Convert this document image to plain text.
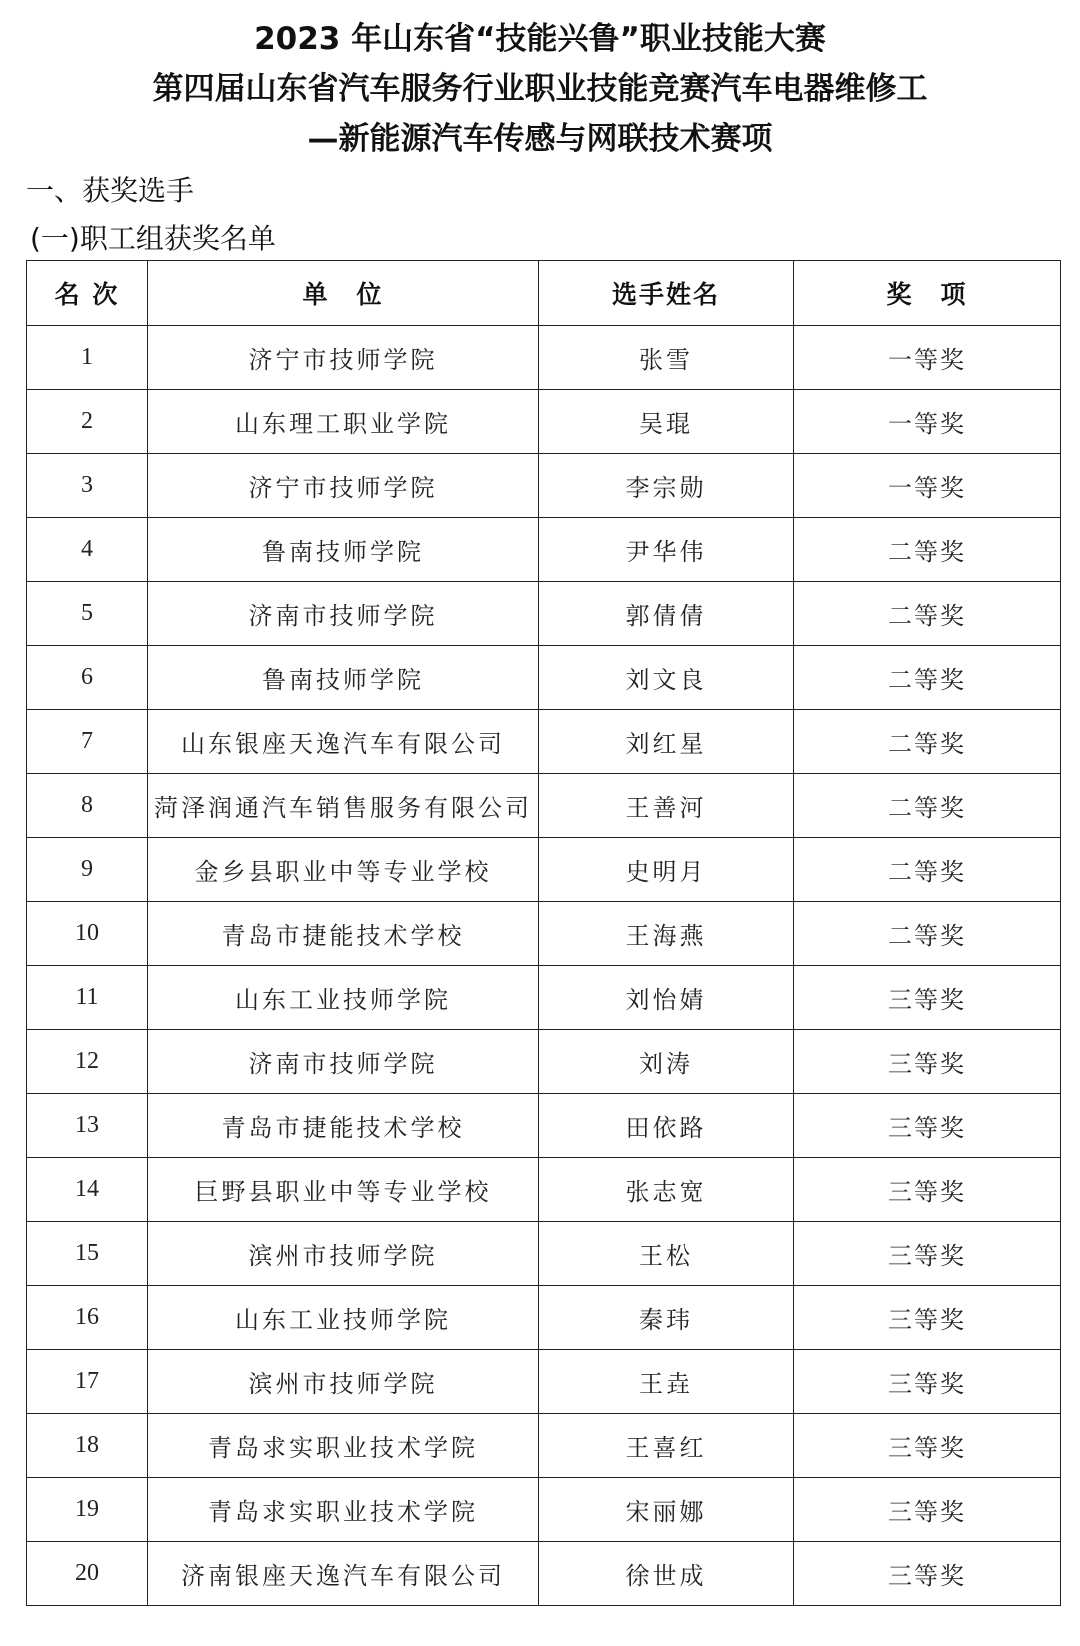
2023 年山东省“技能兴鲁”职业技能大赛
第四届山东省汽车服务行业职业技能竞赛汽车电器维修工
—新能源汽车传感与网联技术赛项
一、获奖选手
(一)职工组获奖名单
名 次	单　位	选手姓名	奖　项
1	济宁市技师学院	张雪	一等奖
2	山东理工职业学院	吴琨	一等奖
3	济宁市技师学院	李宗勋	一等奖
4	鲁南技师学院	尹华伟	二等奖
5	济南市技师学院	郭倩倩	二等奖
6	鲁南技师学院	刘文良	二等奖
7	山东银座天逸汽车有限公司	刘红星	二等奖
8	菏泽润通汽车销售服务有限公司	王善河	二等奖
9	金乡县职业中等专业学校	史明月	二等奖
10	青岛市捷能技术学校	王海燕	二等奖
11	山东工业技师学院	刘怡婧	三等奖
12	济南市技师学院	刘涛	三等奖
13	青岛市捷能技术学校	田依路	三等奖
14	巨野县职业中等专业学校	张志宽	三等奖
15	滨州市技师学院	王松	三等奖
16	山东工业技师学院	秦玮	三等奖
17	滨州市技师学院	王垚	三等奖
18	青岛求实职业技术学院	王喜红	三等奖
19	青岛求实职业技术学院	宋丽娜	三等奖
20	济南银座天逸汽车有限公司	徐世成	三等奖
